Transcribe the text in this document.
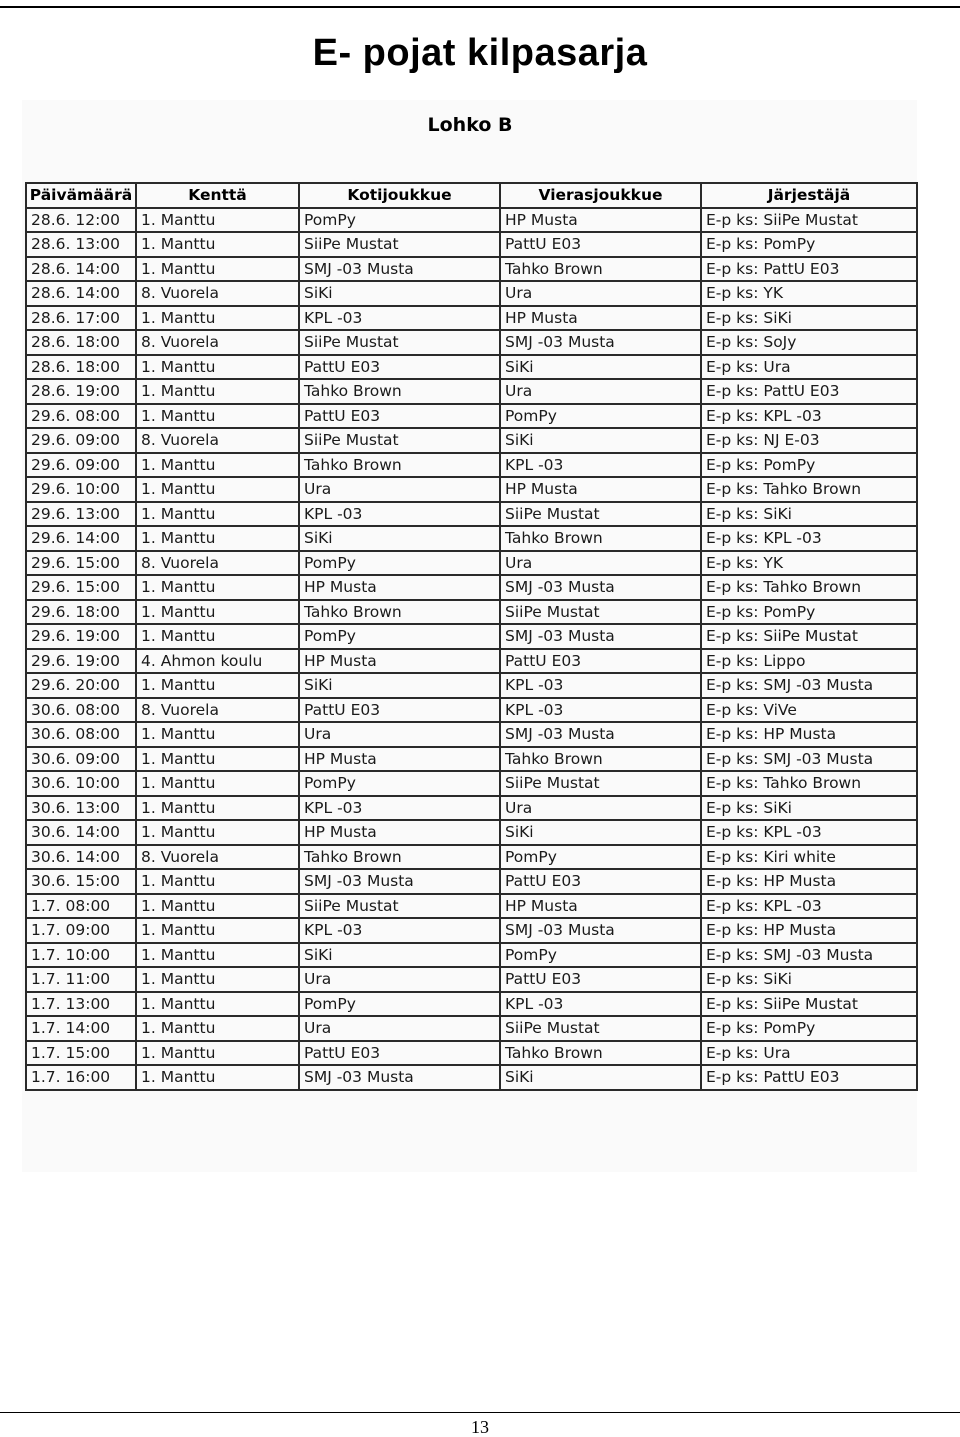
E- pojat kilpasarja
Lohko B
Päivämäärä	Kenttä	Kotijoukkue	Vierasjoukkue	Järjestäjä
28.6. 12:00	1. Manttu	PomPy	HP Musta	E-p ks: SiiPe Mustat
28.6. 13:00	1. Manttu	SiiPe Mustat	PattU E03	E-p ks: PomPy
28.6. 14:00	1. Manttu	SMJ -03 Musta	Tahko Brown	E-p ks: PattU E03
28.6. 14:00	8. Vuorela	SiKi	Ura	E-p ks: YK
28.6. 17:00	1. Manttu	KPL -03	HP Musta	E-p ks: SiKi
28.6. 18:00	8. Vuorela	SiiPe Mustat	SMJ -03 Musta	E-p ks: SoJy
28.6. 18:00	1. Manttu	PattU E03	SiKi	E-p ks: Ura
28.6. 19:00	1. Manttu	Tahko Brown	Ura	E-p ks: PattU E03
29.6. 08:00	1. Manttu	PattU E03	PomPy	E-p ks: KPL -03
29.6. 09:00	8. Vuorela	SiiPe Mustat	SiKi	E-p ks: NJ E-03
29.6. 09:00	1. Manttu	Tahko Brown	KPL -03	E-p ks: PomPy
29.6. 10:00	1. Manttu	Ura	HP Musta	E-p ks: Tahko Brown
29.6. 13:00	1. Manttu	KPL -03	SiiPe Mustat	E-p ks: SiKi
29.6. 14:00	1. Manttu	SiKi	Tahko Brown	E-p ks: KPL -03
29.6. 15:00	8. Vuorela	PomPy	Ura	E-p ks: YK
29.6. 15:00	1. Manttu	HP Musta	SMJ -03 Musta	E-p ks: Tahko Brown
29.6. 18:00	1. Manttu	Tahko Brown	SiiPe Mustat	E-p ks: PomPy
29.6. 19:00	1. Manttu	PomPy	SMJ -03 Musta	E-p ks: SiiPe Mustat
29.6. 19:00	4. Ahmon koulu	HP Musta	PattU E03	E-p ks: Lippo
29.6. 20:00	1. Manttu	SiKi	KPL -03	E-p ks: SMJ -03 Musta
30.6. 08:00	8. Vuorela	PattU E03	KPL -03	E-p ks: ViVe
30.6. 08:00	1. Manttu	Ura	SMJ -03 Musta	E-p ks: HP Musta
30.6. 09:00	1. Manttu	HP Musta	Tahko Brown	E-p ks: SMJ -03 Musta
30.6. 10:00	1. Manttu	PomPy	SiiPe Mustat	E-p ks: Tahko Brown
30.6. 13:00	1. Manttu	KPL -03	Ura	E-p ks: SiKi
30.6. 14:00	1. Manttu	HP Musta	SiKi	E-p ks: KPL -03
30.6. 14:00	8. Vuorela	Tahko Brown	PomPy	E-p ks: Kiri white
30.6. 15:00	1. Manttu	SMJ -03 Musta	PattU E03	E-p ks: HP Musta
1.7. 08:00	1. Manttu	SiiPe Mustat	HP Musta	E-p ks: KPL -03
1.7. 09:00	1. Manttu	KPL -03	SMJ -03 Musta	E-p ks: HP Musta
1.7. 10:00	1. Manttu	SiKi	PomPy	E-p ks: SMJ -03 Musta
1.7. 11:00	1. Manttu	Ura	PattU E03	E-p ks: SiKi
1.7. 13:00	1. Manttu	PomPy	KPL -03	E-p ks: SiiPe Mustat
1.7. 14:00	1. Manttu	Ura	SiiPe Mustat	E-p ks: PomPy
1.7. 15:00	1. Manttu	PattU E03	Tahko Brown	E-p ks: Ura
1.7. 16:00	1. Manttu	SMJ -03 Musta	SiKi	E-p ks: PattU E03
13
